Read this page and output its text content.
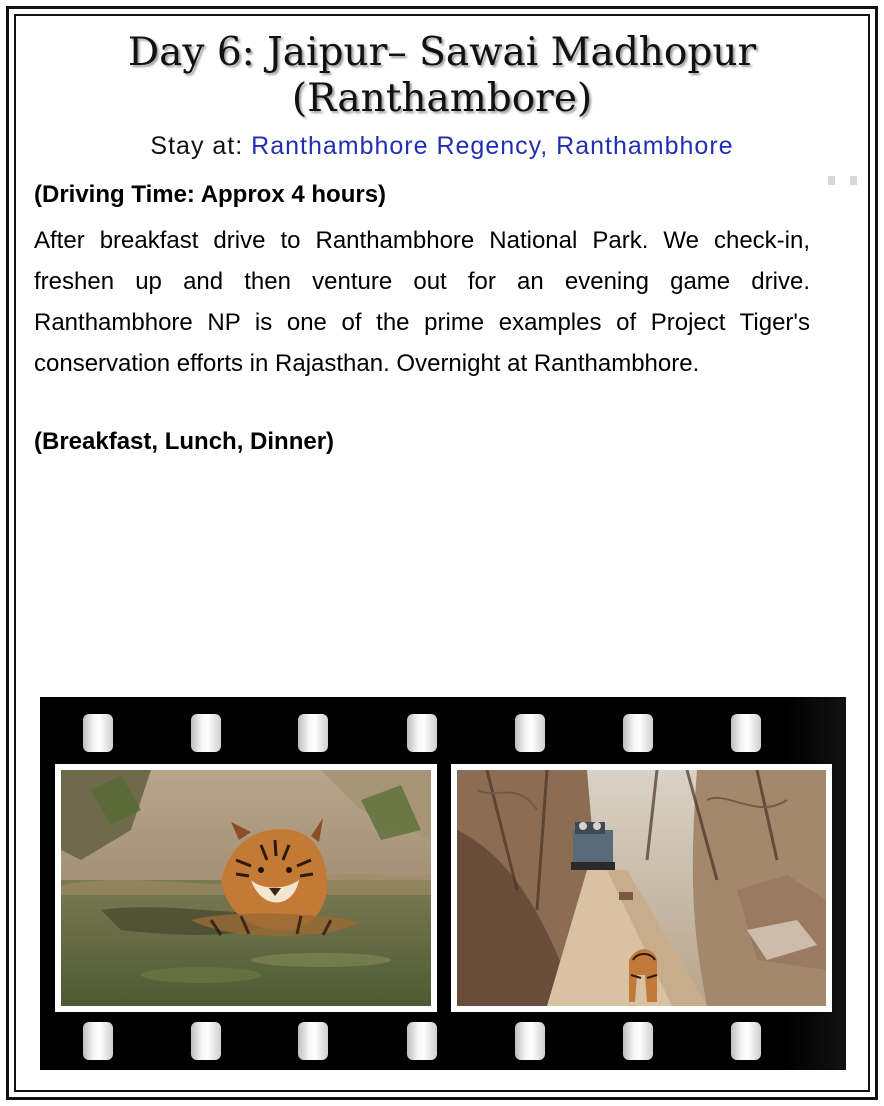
Day 6: Jaipur– Sawai Madhopur
(Ranthambore)
Stay at: Ranthambhore Regency, Ranthambhore
(Driving Time: Approx 4 hours)

After breakfast drive to Ranthambhore National Park. We check-in, freshen up and then venture out for an evening game drive. Ranthambhore NP is one of the prime examples of Project Tiger's conservation efforts in Rajasthan. Overnight at Ranthambhore.

(Breakfast, Lunch, Dinner)
